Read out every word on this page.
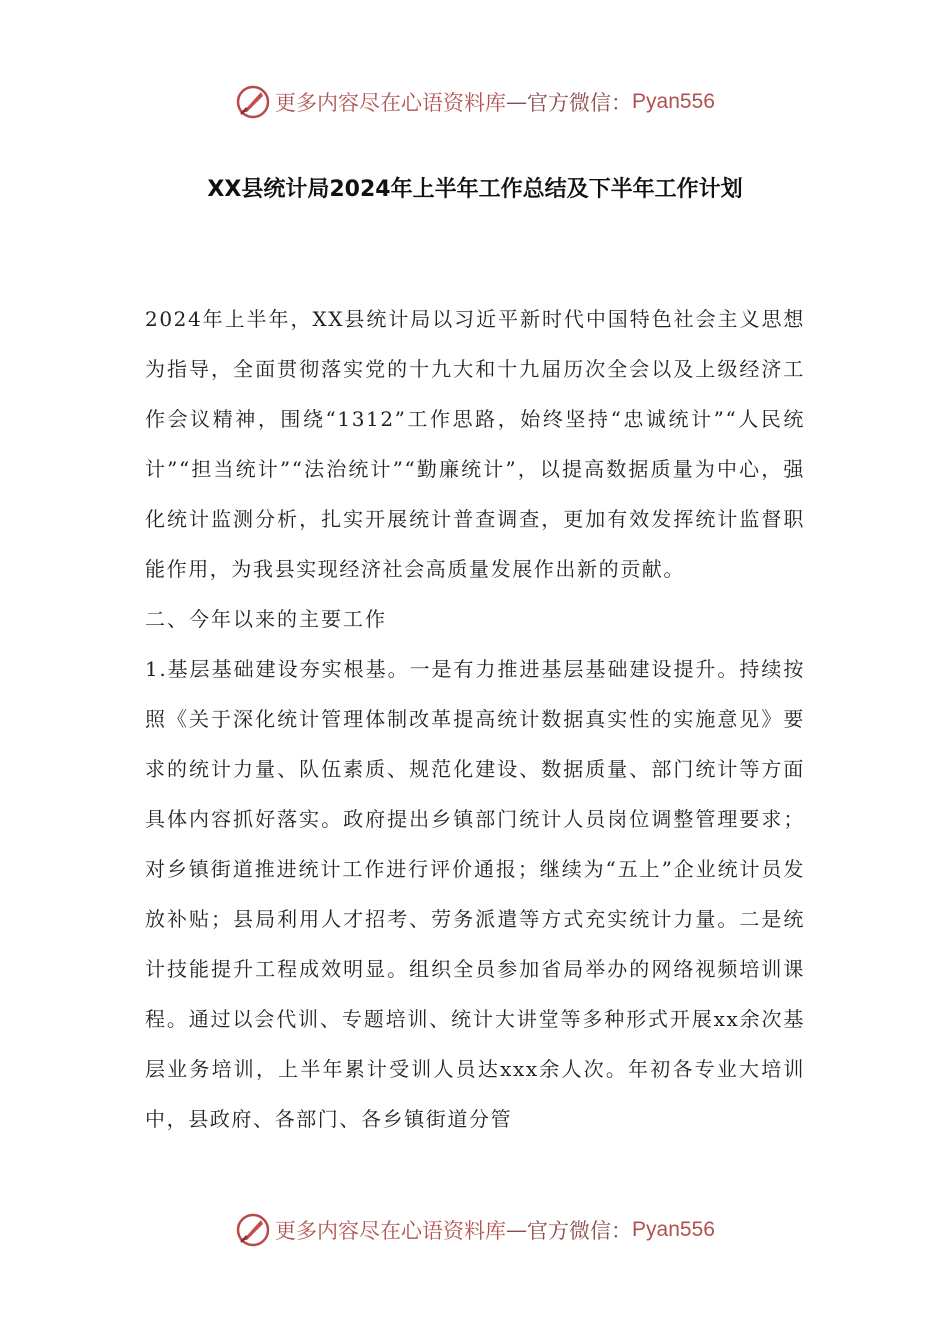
更多内容尽在心语资料库 — 官方微信： Pyan556
XX县统计局2024年上半年工作总结及下半年工作计划

2024年上半年，XX县统计局以习近平新时代中国特色社会主义思想为指导，全面贯彻落实党的十九大和十九届历次全会以及上级经济工作会议精神，围绕“1312”工作思路，始终坚持“忠诚统计”“人民统计”“担当统计”“法治统计”“勤廉统计”，以提高数据质量为中心，强化统计监测分析，扎实开展统计普查调查，更加有效发挥统计监督职能作用，为我县实现经济社会高质量发展作出新的贡献。

二、今年以来的主要工作

1.基层基础建设夯实根基。一是有力推进基层基础建设提升。持续按照《关于深化统计管理体制改革提高统计数据真实性的实施意见》要求的统计力量、队伍素质、规范化建设、数据质量、部门统计等方面具体内容抓好落实。政府提出乡镇部门统计人员岗位调整管理要求；对乡镇街道推进统计工作进行评价通报；继续为“五上”企业统计员发放补贴；县局利用人才招考、劳务派遣等方式充实统计力量。二是统计技能提升工程成效明显。组织全员参加省局举办的网络视频培训课程。通过以会代训、专题培训、统计大讲堂等多种形式开展xx余次基层业务培训，上半年累计受训人员达xxx余人次。年初各专业大培训中，县政府、各部门、各乡镇街道分管

更多内容尽在心语资料库 — 官方微信： Pyan556
